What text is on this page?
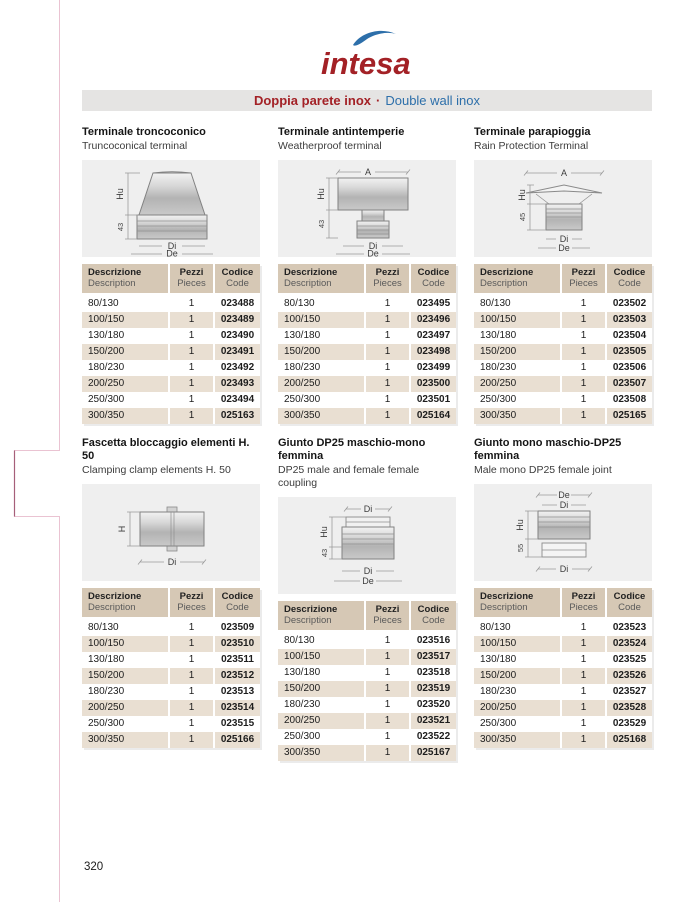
intesa
Doppia parete inox · Double wall inox
Terminale troncoconico
Truncoconical terminal
Hu
43
Di
De
Descrizione
Description

Pezzi
Pieces

Codice
Code

80/130	1	023488
100/150	1	023489
130/180	1	023490
150/200	1	023491
180/230	1	023492
200/250	1	023493
250/300	1	023494
300/350	1	025163
Terminale antintemperie
Weatherproof terminal
A
Hu
43
Di
De
Descrizione
Description

Pezzi
Pieces

Codice
Code

80/130	1	023495
100/150	1	023496
130/180	1	023497
150/200	1	023498
180/230	1	023499
200/250	1	023500
250/300	1	023501
300/350	1	025164
Terminale parapioggia
Rain Protection Terminal
A
Hu
45
Di
De
Descrizione
Description

Pezzi
Pieces

Codice
Code

80/130	1	023502
100/150	1	023503
130/180	1	023504
150/200	1	023505
180/230	1	023506
200/250	1	023507
250/300	1	023508
300/350	1	025165
Fascetta bloccaggio elementi H. 50
Clamping clamp elements H. 50
H
Di
Descrizione
Description

Pezzi
Pieces

Codice
Code

80/130	1	023509
100/150	1	023510
130/180	1	023511
150/200	1	023512
180/230	1	023513
200/250	1	023514
250/300	1	023515
300/350	1	025166
Giunto DP25 maschio-mono femmina
DP25 male and female female coupling
Di
Hu
43
Di
De
Descrizione
Description

Pezzi
Pieces

Codice
Code

80/130	1	023516
100/150	1	023517
130/180	1	023518
150/200	1	023519
180/230	1	023520
200/250	1	023521
250/300	1	023522
300/350	1	025167
Giunto mono maschio-DP25 femmina
Male mono DP25 female joint
De
Di
Hu
55
Di
Descrizione
Description

Pezzi
Pieces

Codice
Code

80/130	1	023523
100/150	1	023524
130/180	1	023525
150/200	1	023526
180/230	1	023527
200/250	1	023528
250/300	1	023529
300/350	1	025168
320
